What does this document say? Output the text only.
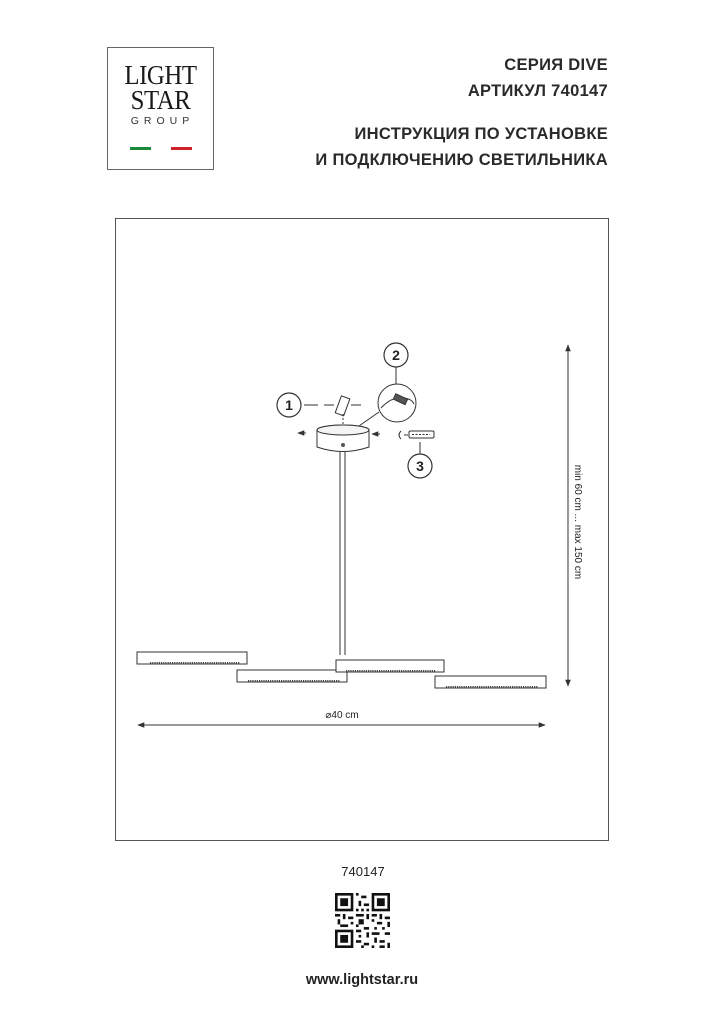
LIGHT
STAR
GROUP
СЕРИЯ DIVE
АРТИКУЛ 740147
ИНСТРУКЦИЯ ПО УСТАНОВКЕ
И ПОДКЛЮЧЕНИЮ СВЕТИЛЬНИКА
1
2
3	min 60 cm ... max 150 cm
⌀40 cm
740147
www.lightstar.ru
